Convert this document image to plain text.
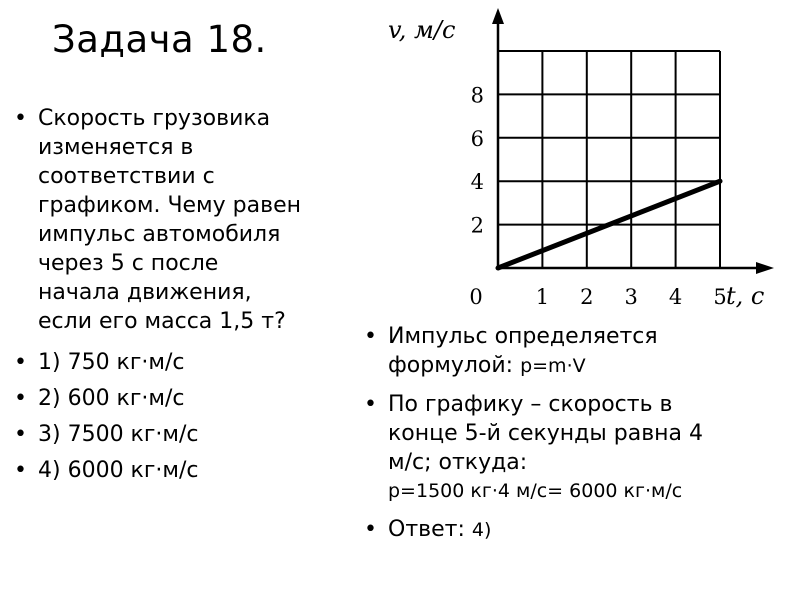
Задача 18.
• Скорость грузовика
изменяется в
соответствии с
графиком. Чему равен
импульс автомобиля
через 5 с после
начала движения,
если его масса 1,5 т?
• 1) 750 кг·м/с
• 2) 600 кг·м/с
• 3) 7500 кг·м/с
• 4) 6000 кг·м/с
1 2 3 4 5
2
4
6
8
0
v, м/с
t, с
• Импульс определяется
формулой: p=m·V
• По графику – скорость в
конце 5-й секунды равна 4
м/с; откуда:
p=1500 кг·4 м/с= 6000 кг·м/с
• Ответ: 4)
